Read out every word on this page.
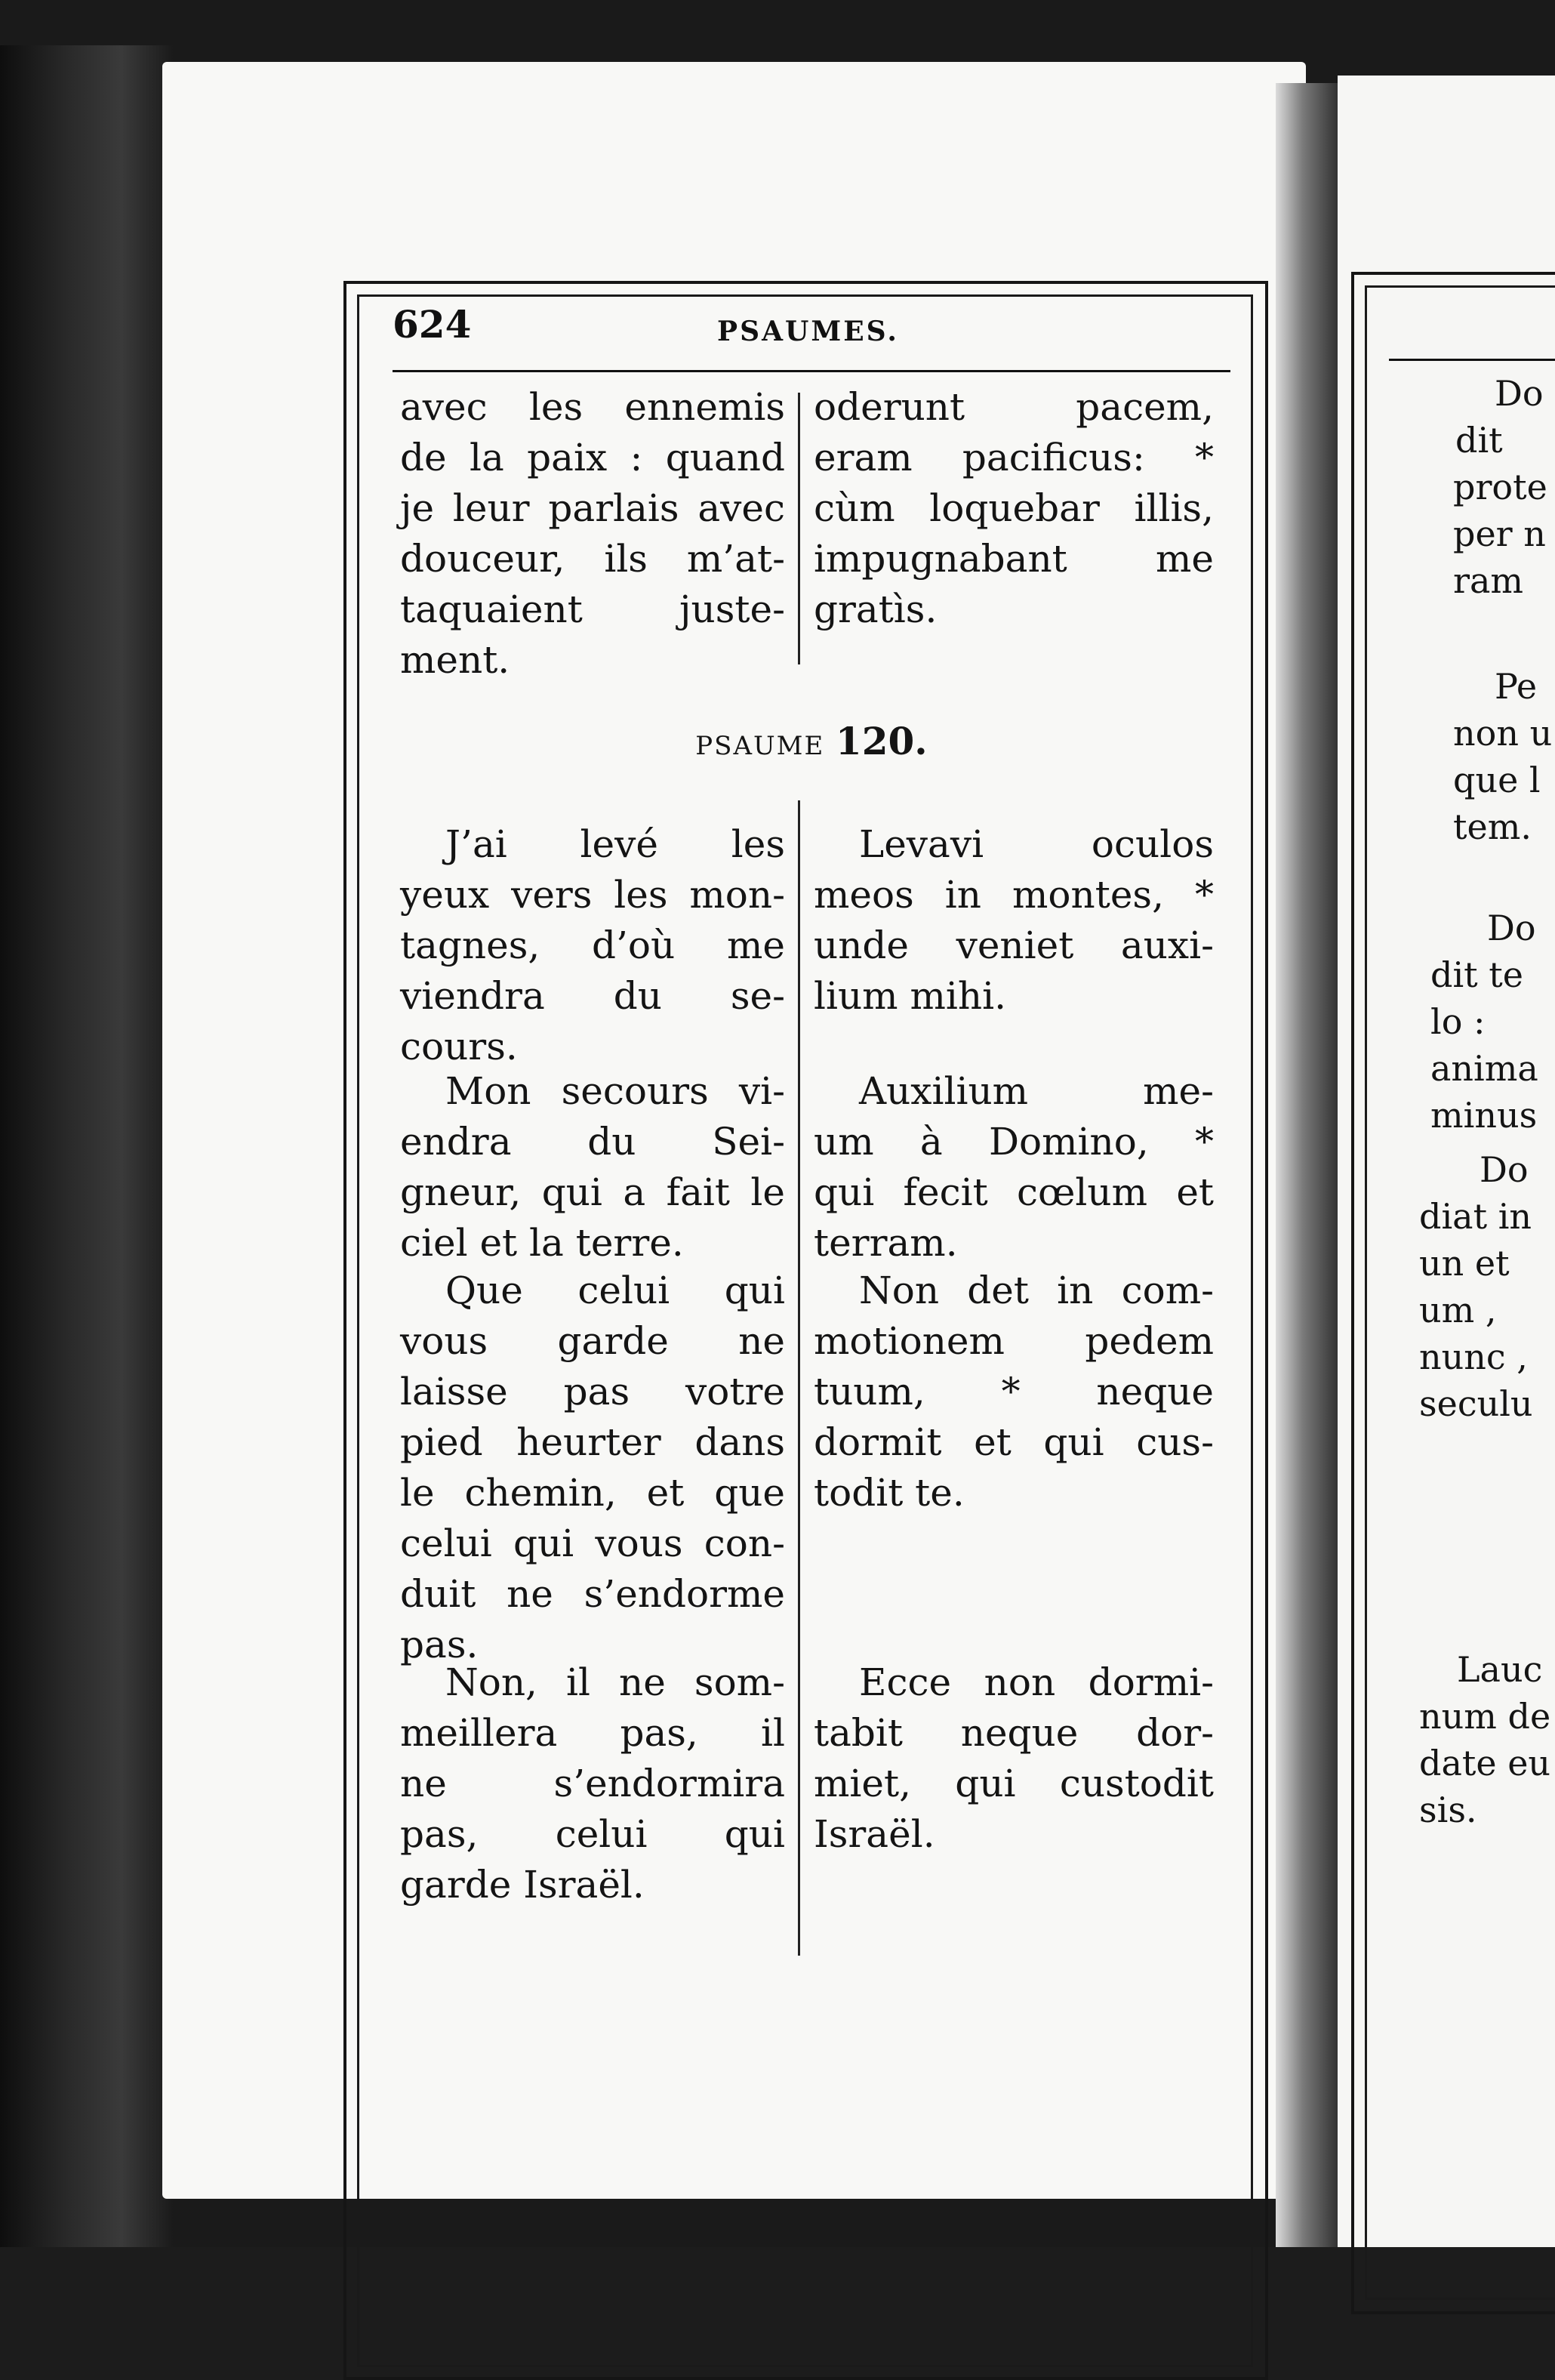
624	PSAUMES.
avec les ennemis
de la paix : quand
je leur parlais avec
douceur, ils m’at-
taquaient juste-
ment.
oderunt pacem,
eram pacificus: *
cùm loquebar illis,
impugnabant me
gratìs.
PSAUME 120.
J’ai levé les
yeux vers les mon-
tagnes, d’où me
viendra du se-
cours.
Levavi oculos
meos in montes, *
unde veniet auxi-
lium mihi.
Mon secours vi-
endra du Sei-
gneur, qui a fait le
ciel et la terre.
Auxilium me-
um à Domino, *
qui fecit cœlum et
terram.
Que celui qui
vous garde ne
laisse pas votre
pied heurter dans
le chemin, et que
celui qui vous con-
duit ne s’endorme
pas.
Non det in com-
motionem pedem
tuum, * neque
dormit et qui cus-
todit te.
Non, il ne som-
meillera pas, il
ne s’endormira
pas, celui qui
garde Israël.
Ecce non dormi-
tabit neque dor-
miet, qui custodit
Israël.
Do
dit
prote
per n
ram
Pe
non u
que l
tem.
Do
dit te
lo :
anima
minus
Do
diat in
un et
um ,
nunc ,
seculu
Lauc
num de
date eu
sis.
